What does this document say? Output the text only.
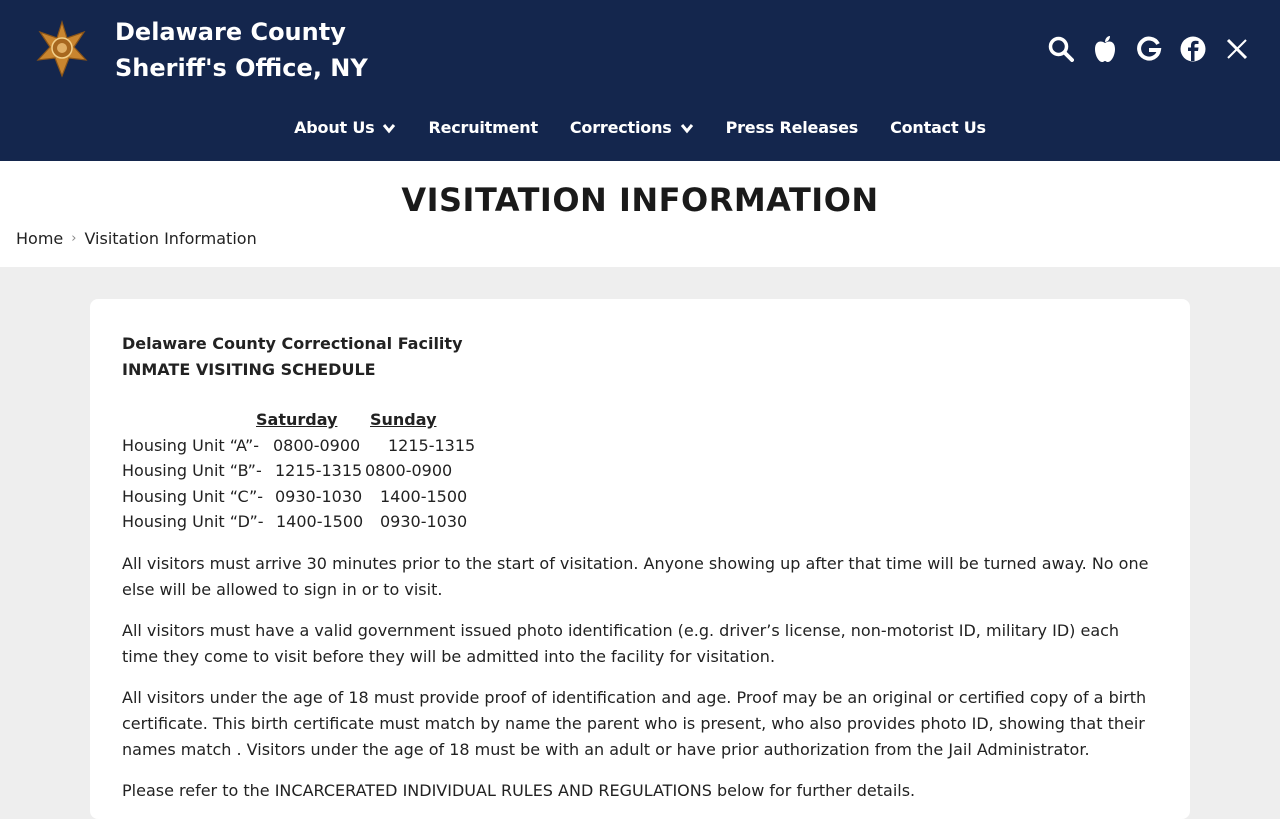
Delaware County
Sheriff's Office, NY
About Us	Recruitment Corrections	Press Releases Contact Us
VISITATION INFORMATION
Home › Visitation Information
Delaware County Correctional Facility
INMATE VISITING SCHEDULE
Saturday Sunday
Housing Unit “A”- 0800-0900 1215-1315
Housing Unit “B”- 1215-1315 0800-0900
Housing Unit “C”- 0930-1030 1400-1500
Housing Unit “D”- 1400-1500 0930-1030

All visitors must arrive 30 minutes prior to the start of visitation. Anyone showing up after that time will be turned away. No one else will be allowed to sign in or to visit.

All visitors must have a valid government issued photo identification (e.g. driver’s license, non-motorist ID, military ID) each time they come to visit before they will be admitted into the facility for visitation.

All visitors under the age of 18 must provide proof of identification and age. Proof may be an original or certified copy of a birth certificate. This birth certificate must match by name the parent who is present, who also provides photo ID, showing that their names match . Visitors under the age of 18 must be with an adult or have prior authorization from the Jail Administrator.

Please refer to the INCARCERATED INDIVIDUAL RULES AND REGULATIONS below for further details.
